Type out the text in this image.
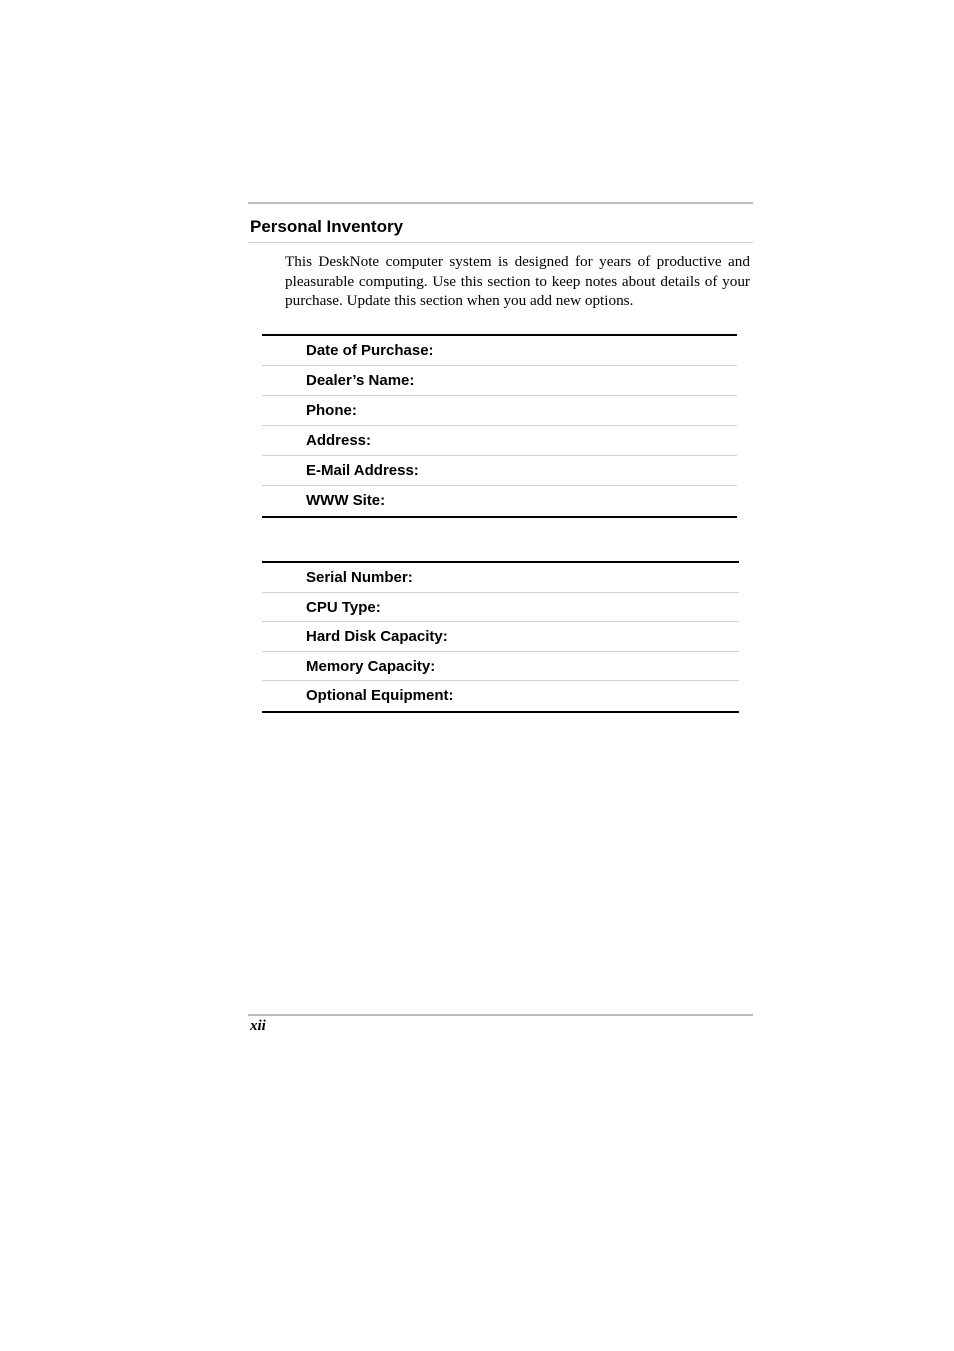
Personal Inventory

This DeskNote computer system is designed for years of productive and pleasurable computing. Use this section to keep notes about details of your purchase. Update this section when you add new options.

Date of Purchase:
Dealer’s Name:
Phone:
Address:
E-Mail Address:
WWW Site:
Serial Number:
CPU Type:
Hard Disk Capacity:
Memory Capacity:
Optional Equipment:
xii
